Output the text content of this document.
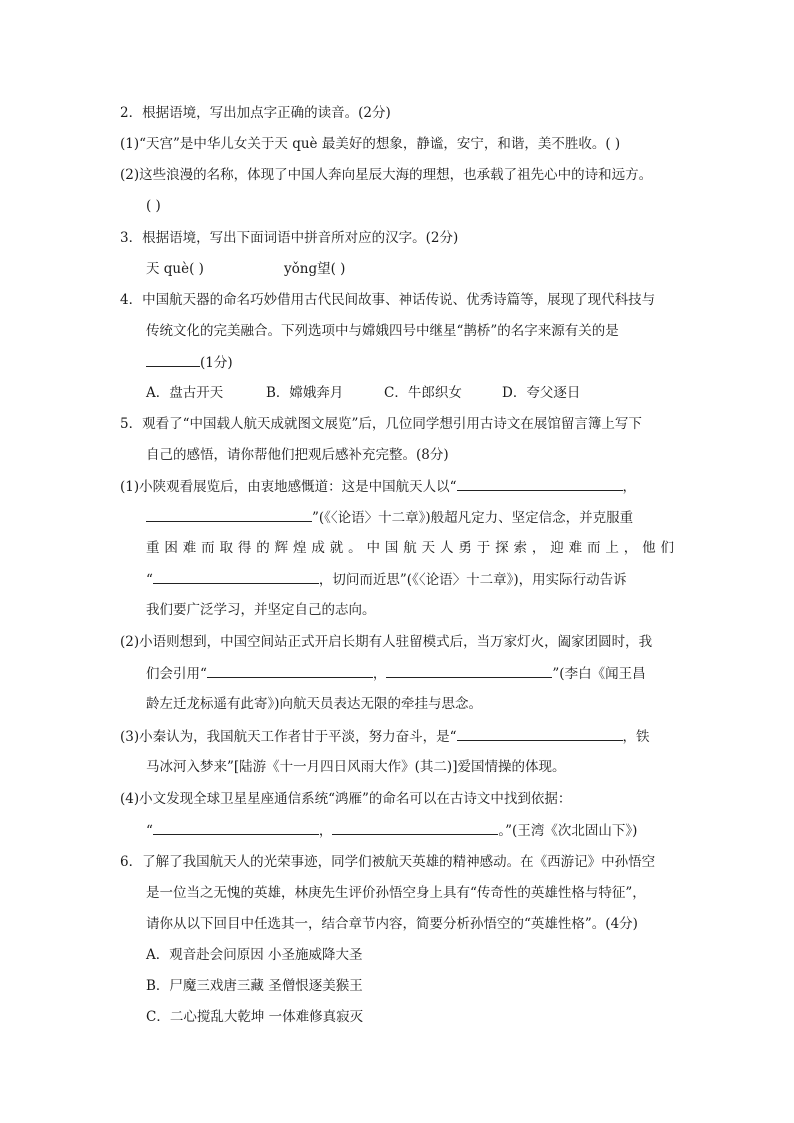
2．根据语境，写出加点字正确的读音。(2分)
(1)“天宫”是中华儿女关于天 què 最美好的想象，静谧，安宁，和谐，美不胜收。( )
(2)这些浪漫的名称，体现了中国人奔向星辰大海的理想，也承载了祖先心中的诗和远方。
( )
3．根据语境，写出下面词语中拼音所对应的汉字。(2分)
天 què( )	yǒng望( )
4．中国航天器的命名巧妙借用古代民间故事、神话传说、优秀诗篇等，展现了现代科技与
传统文化的完美融合。下列选项中与嫦娥四号中继星“鹊桥”的名字来源有关的是
(1分)
A．盘古开天	B．嫦娥奔月	C．牛郎织女	D．夸父逐日
5．观看了“中国载人航天成就图文展览”后，几位同学想引用古诗文在展馆留言簿上写下
自己的感悟，请你帮他们把观后感补充完整。(8分)
(1)小陕观看展览后，由衷地感慨道：这是中国航天人以“	，
”(《〈论语〉十二章》)般超凡定力、坚定信念，并克服重
重困难而取得的辉煌成就。中国航天人勇于探索，迎难而上，他们
“	，切问而近思”(《〈论语〉十二章》)，用实际行动告诉
我们要广泛学习，并坚定自己的志向。
(2)小语则想到，中国空间站正式开启长期有人驻留模式后，当万家灯火，阖家团圆时，我
们会引用“	，	”(李白《闻王昌
龄左迁龙标遥有此寄》)向航天员表达无限的牵挂与思念。
(3)小秦认为，我国航天工作者甘于平淡，努力奋斗，是“	，铁
马冰河入梦来”[陆游《十一月四日风雨大作》(其二)]爱国情操的体现。
(4)小文发现全球卫星星座通信系统“鸿雁”的命名可以在古诗文中找到依据：
“	，	。”(王湾《次北固山下》)
6．了解了我国航天人的光荣事迹，同学们被航天英雄的精神感动。在《西游记》中孙悟空
是一位当之无愧的英雄，林庚先生评价孙悟空身上具有“传奇性的英雄性格与特征”，
请你从以下回目中任选其一，结合章节内容，简要分析孙悟空的“英雄性格”。(4分)
A．观音赴会问原因 小圣施威降大圣
B．尸魔三戏唐三藏 圣僧恨逐美猴王
C．二心搅乱大乾坤 一体难修真寂灭
